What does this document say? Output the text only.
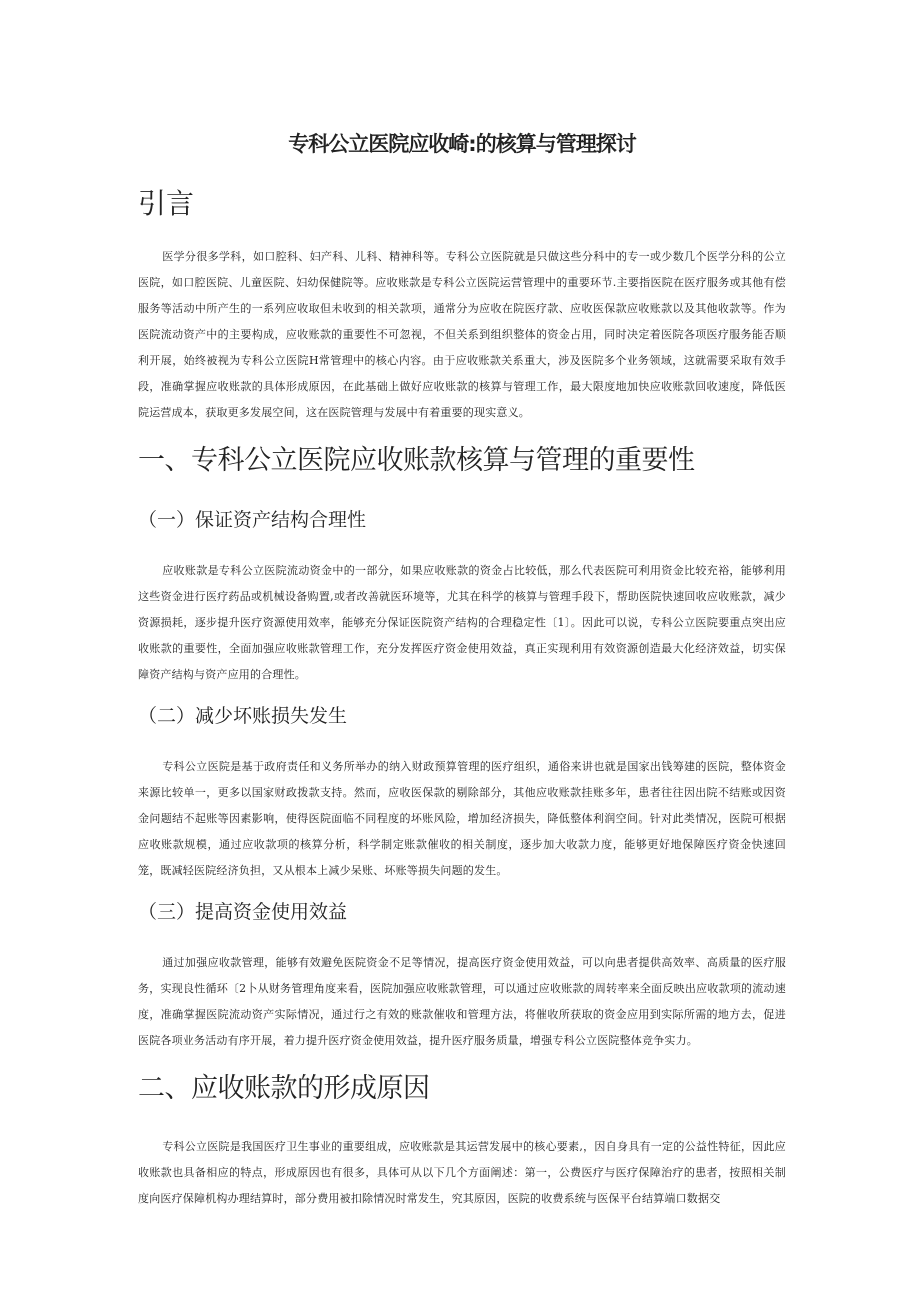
专科公立医院应收崎:的核算与管理探讨
引言

医学分很多学科，如口腔科、妇产科、儿科、精神科等。专科公立医院就是只做这些分科中的专一或少数几个医学分科的公立医院，如口腔医院、儿童医院、妇幼保健院等。应收账款是专科公立医院运营管理中的重要环节.主要指医院在医疗服务或其他有偿服务等活动中所产生的一系列应收取但未收到的相关款项，通常分为应收在院医疗款、应收医保款应收账款以及其他收款等。作为医院流动资产中的主要构成，应收账款的重要性不可忽视，不但关系到组织整体的资金占用，同时决定着医院各项医疗服务能否顺利开展，始终被视为专科公立医院H常管理中的核心内容。由于应收账款关系重大，涉及医院多个业务领域，这就需要采取有效手段，准确掌握应收账款的具体形成原因，在此基础上做好应收账款的核算与管理工作，最大限度地加快应收账款回收速度，降低医院运营成本，获取更多发展空间，这在医院管理与发展中有着重要的现实意义。

一、专科公立医院应收账款核算与管理的重要性
（一）保证资产结构合理性

应收账款是专科公立医院流动资金中的一部分，如果应收账款的资金占比较低，那么代表医院可利用资金比较充裕，能够利用这些资金进行医疗药品或机械设备购置,或者改善就医环境等，尤其在科学的核算与管理手段下，帮助医院快速回收应收账款，减少资源损耗，逐步提升医疗资源使用效率，能够充分保证医院资产结构的合理稳定性〔1〕。因此可以说，专科公立医院要重点突出应收账款的重要性，全面加强应收账款管理工作，充分发挥医疗资金使用效益，真正实现利用有效资源创造最大化经济效益，切实保障资产结构与资产应用的合理性。

（二）减少坏账损失发生

专科公立医院是基于政府责任和义务所举办的纳入财政预算管理的医疗组织，通俗来讲也就是国家出钱筹建的医院，整体资金来源比较单一，更多以国家财政拨款支持。然而，应收医保款的剔除部分，其他应收账款挂账多年，患者往往因出院不结账或因资金问题结不起账等因素影响，使得医院面临不同程度的坏账风险，增加经济损失，降低整体利润空间。针对此类情况，医院可根据应收账款规模，通过应收款项的核算分析，科学制定账款催收的相关制度，逐步加大收款力度，能够更好地保障医疗资金快速回笼，既减轻医院经济负担，又从根本上减少呆账、坏账等损失问题的发生。

（三）提高资金使用效益

通过加强应收款管理，能够有效避免医院资金不足等情况，提高医疗资金使用效益，可以向患者提供高效率、高质量的医疗服务，实现良性循环〔2卜从财务管理角度来看，医院加强应收账款管理，可以通过应收账款的周转率来全面反映出应收款项的流动速度，准确掌握医院流动资产实际情况，通过行之有效的账款催收和管理方法，将催收所获取的资金应用到实际所需的地方去，促进医院各项业务活动有序开展，着力提升医疗资金使用效益，提升医疗服务质量，增强专科公立医院整体竞争实力。

二、应收账款的形成原因

专科公立医院是我国医疗卫生事业的重要组成，应收账款是其运营发展中的核心要素,，因自身具有一定的公益性特征，因此应收账款也具备相应的特点，形成原因也有很多，具体可从以下几个方面阐述：第一，公费医疗与医疗保障治疗的患者，按照相关制度向医疗保障机构办理结算时，部分费用被扣除情况时常发生，究其原因，医院的收费系统与医保平台结算端口数据交
